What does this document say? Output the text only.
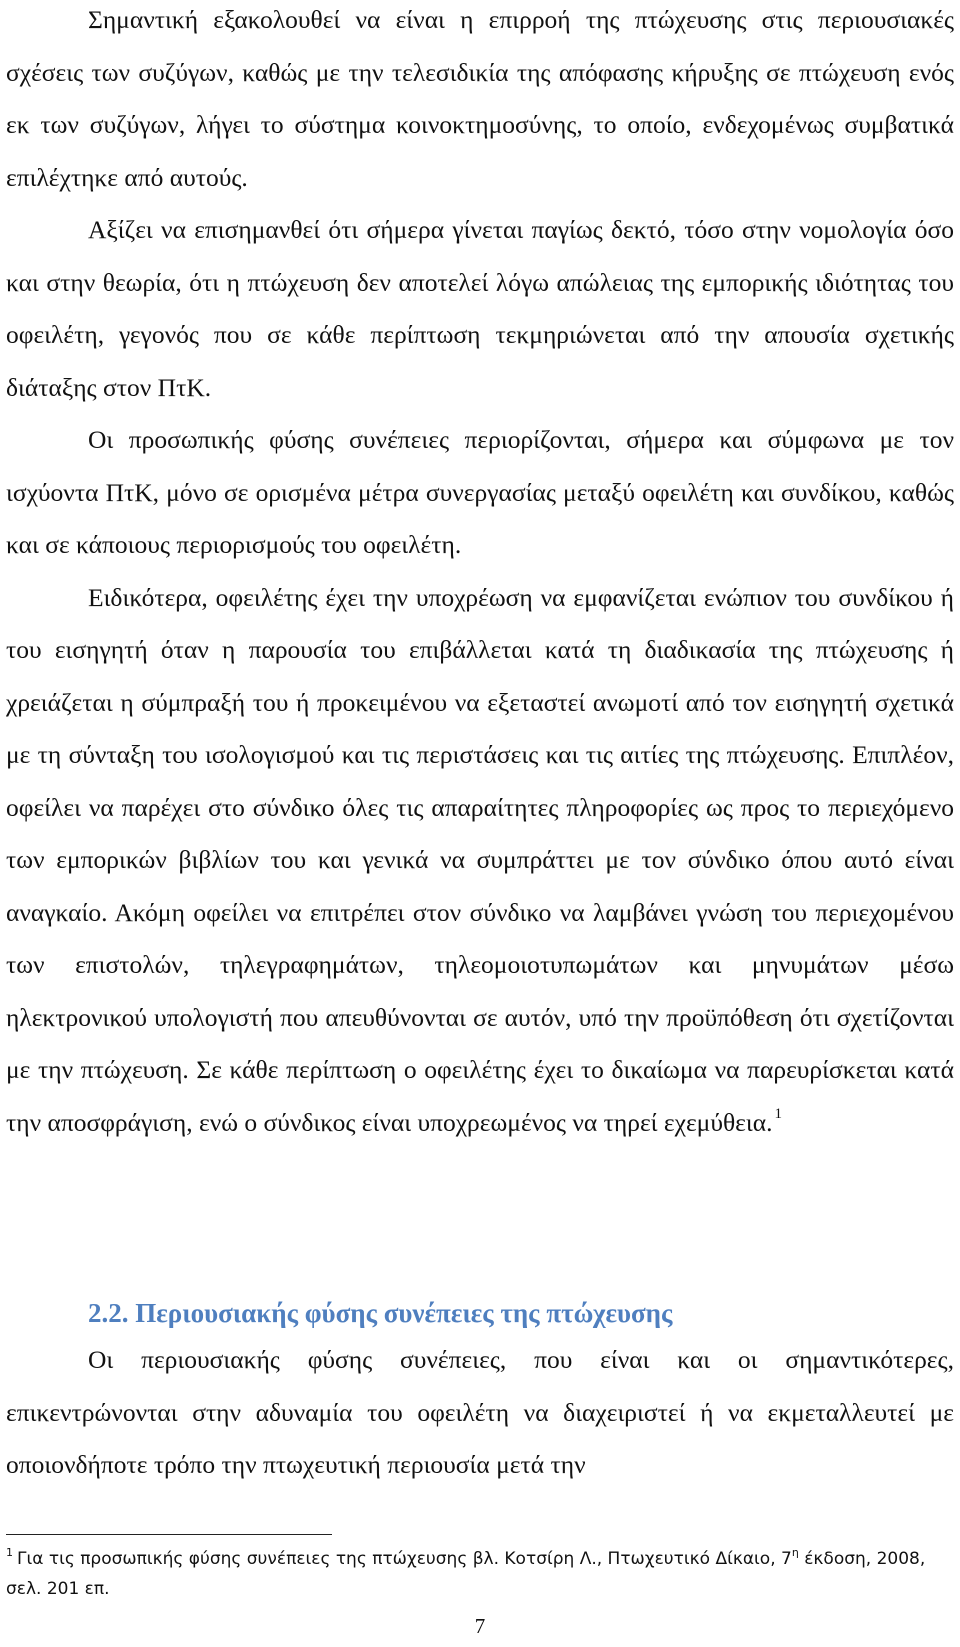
Σημαντική εξακολουθεί να είναι η επιρροή της πτώχευσης στις περιουσιακές σχέσεις των συζύγων, καθώς με την τελεσιδικία της απόφασης κήρυξης σε πτώχευση ενός εκ των συζύγων, λήγει το σύστημα κοινοκτημοσύνης, το οποίο, ενδεχομένως συμβατικά επιλέχτηκε από αυτούς.

Αξίζει να επισημανθεί ότι σήμερα γίνεται παγίως δεκτό, τόσο στην νομολογία όσο και στην θεωρία, ότι η πτώχευση δεν αποτελεί λόγω απώλειας της εμπορικής ιδιότητας του οφειλέτη, γεγονός που σε κάθε περίπτωση τεκμηριώνεται από την απουσία σχετικής διάταξης στον ΠτΚ.

Οι προσωπικής φύσης συνέπειες περιορίζονται, σήμερα και σύμφωνα με τον ισχύοντα ΠτΚ, μόνο σε ορισμένα μέτρα συνεργασίας μεταξύ οφειλέτη και συνδίκου, καθώς και σε κάποιους περιορισμούς του οφειλέτη.

Ειδικότερα, οφειλέτης έχει την υποχρέωση να εμφανίζεται ενώπιον του συνδίκου ή του εισηγητή όταν η παρουσία του επιβάλλεται κατά τη διαδικασία της πτώχευσης ή χρειάζεται η σύμπραξή του ή προκειμένου να εξεταστεί ανωμοτί από τον εισηγητή σχετικά με τη σύνταξη του ισολογισμού και τις περιστάσεις και τις αιτίες της πτώχευσης. Επιπλέον, οφείλει να παρέχει στο σύνδικο όλες τις απαραίτητες πληροφορίες ως προς το περιεχόμενο των εμπορικών βιβλίων του και γενικά να συμπράττει με τον σύνδικο όπου αυτό είναι αναγκαίο. Ακόμη οφείλει να επιτρέπει στον σύνδικο να λαμβάνει γνώση του περιεχομένου των επιστολών, τηλεγραφημάτων, τηλεομοιοτυπωμάτων και μηνυμάτων μέσω ηλεκτρονικού υπολογιστή που απευθύνονται σε αυτόν, υπό την προϋπόθεση ότι σχετίζονται με την πτώχευση. Σε κάθε περίπτωση ο οφειλέτης έχει το δικαίωμα να παρευρίσκεται κατά την αποσφράγιση, ενώ ο σύνδικος είναι υποχρεωμένος να τηρεί εχεμύθεια. $^1$

2.2. Περιουσιακής φύσης συνέπειες της πτώχευσης

Οι περιουσιακής φύσης συνέπειες, που είναι και οι σημαντικότερες, επικεντρώνονται στην αδυναμία του οφειλέτη να διαχειριστεί ή να εκμεταλλευτεί με οποιονδήποτε τρόπο την πτωχευτική περιουσία μετά την

$^1$ Για τις προσωπικής φύσης συνέπειες της πτώχευσης βλ. Κοτσίρη Λ., Πτωχευτικό Δίκαιο, $7^\eta$ έκδοση, 2008, σελ. 201 επ.
7
